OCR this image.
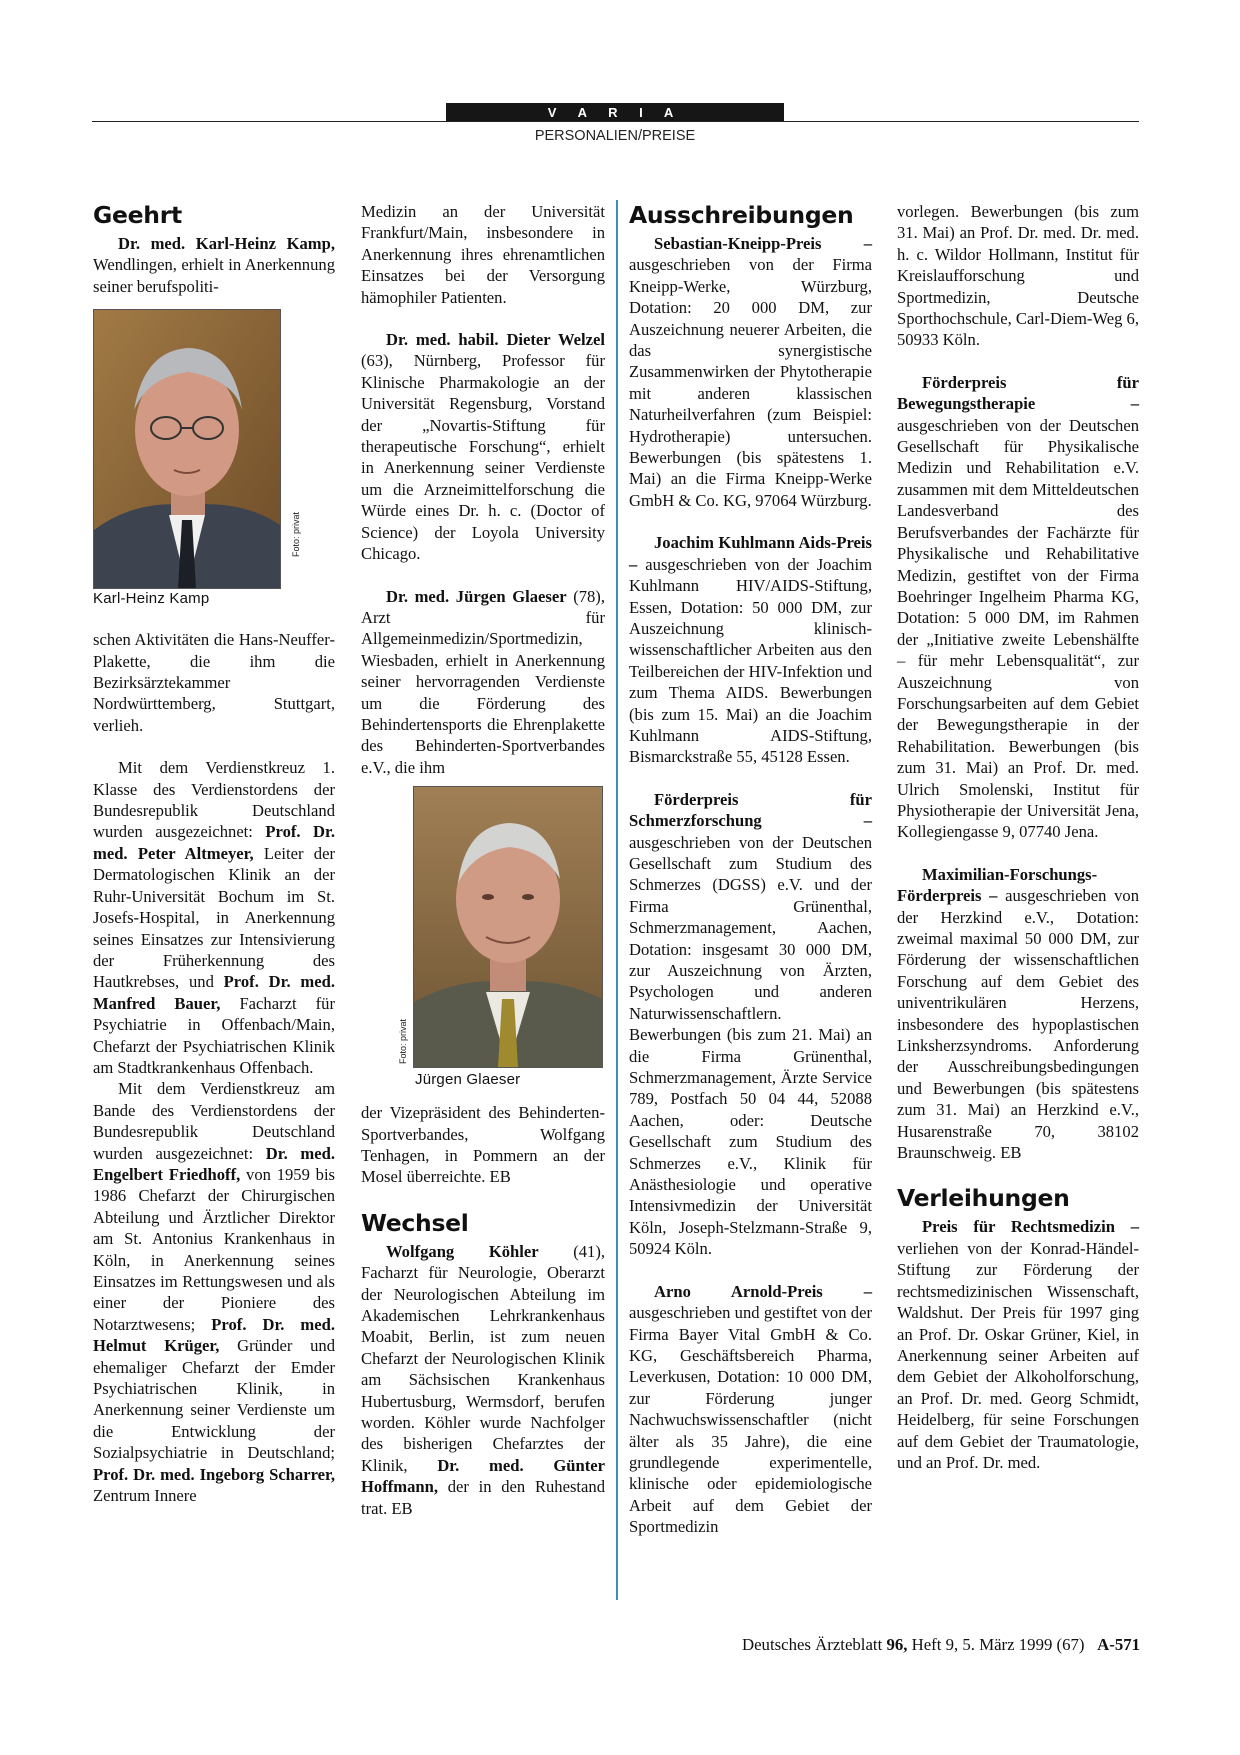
V A R I A
PERSONALIEN/PREISE

Geehrt

Dr. med. Karl-Heinz Kamp, Wendlingen, erhielt in Anerkennung seiner berufspoliti-

Foto: privat

Karl-Heinz Kamp

schen Aktivitäten die Hans-Neuffer-Plakette, die ihm die Bezirksärztekammer Nordwürttemberg, Stuttgart, verlieh.

Mit dem Verdienstkreuz 1. Klasse des Verdienstordens der Bundesrepublik Deutschland wurden ausgezeichnet: Prof. Dr. med. Peter Altmeyer, Leiter der Dermatologischen Klinik an der Ruhr-Universität Bochum im St. Josefs-Hospital, in Anerkennung seines Einsatzes zur Intensivierung der Früherkennung des Hautkrebses, und Prof. Dr. med. Manfred Bauer, Facharzt für Psychiatrie in Offenbach/Main, Chefarzt der Psychiatrischen Klinik am Stadtkrankenhaus Offenbach.

Mit dem Verdienstkreuz am Bande des Verdienstordens der Bundesrepublik Deutschland wurden ausgezeichnet: Dr. med. Engelbert Friedhoff, von 1959 bis 1986 Chefarzt der Chirurgischen Abteilung und Ärztlicher Direktor am St. Antonius Krankenhaus in Köln, in Anerkennung seines Einsatzes im Rettungswesen und als einer der Pioniere des Notarztwesens; Prof. Dr. med. Helmut Krüger, Gründer und ehemaliger Chefarzt der Emder Psychiatrischen Klinik, in Anerkennung seiner Verdienste um die Entwicklung der Sozialpsychiatrie in Deutschland; Prof. Dr. med. Ingeborg Scharrer, Zentrum Innere

Medizin an der Universität Frankfurt/Main, insbesondere in Anerkennung ihres ehrenamtlichen Einsatzes bei der Versorgung hämophiler Patienten.

Dr. med. habil. Dieter Welzel (63), Nürnberg, Professor für Klinische Pharmakologie an der Universität Regensburg, Vorstand der „Novartis-Stiftung für therapeutische Forschung“, erhielt in Anerkennung seiner Verdienste um die Arzneimittelforschung die Würde eines Dr. h. c. (Doctor of Science) der Loyola University Chicago.

Dr. med. Jürgen Glaeser (78), Arzt für Allgemeinmedizin/Sportmedizin, Wiesbaden, erhielt in Anerkennung seiner hervorragenden Verdienste um die Förderung des Behindertensports die Ehrenplakette des Behinderten-Sportverbandes e.V., die ihm

Foto: privat
Jürgen Glaeser

der Vizepräsident des Behinderten-Sportverbandes, Wolfgang Tenhagen, in Pommern an der Mosel überreichte. EB

Wechsel

Wolfgang Köhler (41), Facharzt für Neurologie, Oberarzt der Neurologischen Abteilung im Akademischen Lehrkrankenhaus Moabit, Berlin, ist zum neuen Chefarzt der Neurologischen Klinik am Sächsischen Krankenhaus Hubertusburg, Wermsdorf, berufen worden. Köhler wurde Nachfolger des bisherigen Chefarztes der Klinik, Dr. med. Günter Hoffmann, der in den Ruhestand trat. EB

Ausschreibungen

Sebastian-Kneipp-Preis – ausgeschrieben von der Firma Kneipp-Werke, Würzburg, Dotation: 20 000 DM, zur Auszeichnung neuerer Arbeiten, die das synergistische Zusammenwirken der Phytotherapie mit anderen klassischen Naturheilverfahren (zum Beispiel: Hydrotherapie) untersuchen. Bewerbungen (bis spätestens 1. Mai) an die Firma Kneipp-Werke GmbH & Co. KG, 97064 Würzburg.

Joachim Kuhlmann Aids-Preis – ausgeschrieben von der Joachim Kuhlmann HIV/AIDS-Stiftung, Essen, Dotation: 50 000 DM, zur Auszeichnung klinisch-wissenschaftlicher Arbeiten aus den Teilbereichen der HIV-Infektion und zum Thema AIDS. Bewerbungen (bis zum 15. Mai) an die Joachim Kuhlmann AIDS-Stiftung, Bismarckstraße 55, 45128 Essen.

Förderpreis für Schmerzforschung – ausgeschrieben von der Deutschen Gesellschaft zum Studium des Schmerzes (DGSS) e.V. und der Firma Grünenthal, Schmerzmanagement, Aachen, Dotation: insgesamt 30 000 DM, zur Auszeichnung von Ärzten, Psychologen und anderen Naturwissenschaftlern. Bewerbungen (bis zum 21. Mai) an die Firma Grünenthal, Schmerzmanagement, Ärzte Service 789, Postfach 50 04 44, 52088 Aachen, oder: Deutsche Gesellschaft zum Studium des Schmerzes e.V., Klinik für Anästhesiologie und operative Intensivmedizin der Universität Köln, Joseph-Stelzmann-Straße 9, 50924 Köln.

Arno Arnold-Preis – ausgeschrieben und gestiftet von der Firma Bayer Vital GmbH & Co. KG, Geschäftsbereich Pharma, Leverkusen, Dotation: 10 000 DM, zur Förderung junger Nachwuchswissenschaftler (nicht älter als 35 Jahre), die eine grundlegende experimentelle, klinische oder epidemiologische Arbeit auf dem Gebiet der Sportmedizin

vorlegen. Bewerbungen (bis zum 31. Mai) an Prof. Dr. med. Dr. med. h. c. Wildor Hollmann, Institut für Kreislaufforschung und Sportmedizin, Deutsche Sporthochschule, Carl-Diem-Weg 6, 50933 Köln.

Förderpreis für Bewegungstherapie – ausgeschrieben von der Deutschen Gesellschaft für Physikalische Medizin und Rehabilitation e.V. zusammen mit dem Mitteldeutschen Landesverband des Berufsverbandes der Fachärzte für Physikalische und Rehabilitative Medizin, gestiftet von der Firma Boehringer Ingelheim Pharma KG, Dotation: 5 000 DM, im Rahmen der „Initiative zweite Lebenshälfte – für mehr Lebensqualität“, zur Auszeichnung von Forschungsarbeiten auf dem Gebiet der Bewegungstherapie in der Rehabilitation. Bewerbungen (bis zum 31. Mai) an Prof. Dr. med. Ulrich Smolenski, Institut für Physiotherapie der Universität Jena, Kollegiengasse 9, 07740 Jena.

Maximilian-Forschungs-Förderpreis – ausgeschrieben von der Herzkind e.V., Dotation: zweimal maximal 50 000 DM, zur Förderung der wissenschaftlichen Forschung auf dem Gebiet des univentrikulären Herzens, insbesondere des hypoplastischen Linksherzsyndroms. Anforderung der Ausschreibungsbedingungen und Bewerbungen (bis spätestens zum 31. Mai) an Herzkind e.V., Husarenstraße 70, 38102 Braunschweig. EB

Verleihungen

Preis für Rechtsmedizin – verliehen von der Konrad-Händel-Stiftung zur Förderung der rechtsmedizinischen Wissenschaft, Waldshut. Der Preis für 1997 ging an Prof. Dr. Oskar Grüner, Kiel, in Anerkennung seiner Arbeiten auf dem Gebiet der Alkoholforschung, an Prof. Dr. med. Georg Schmidt, Heidelberg, für seine Forschungen auf dem Gebiet der Traumatologie, und an Prof. Dr. med.

Deutsches Ärzteblatt 96, Heft 9, 5. März 1999 (67) A-571
